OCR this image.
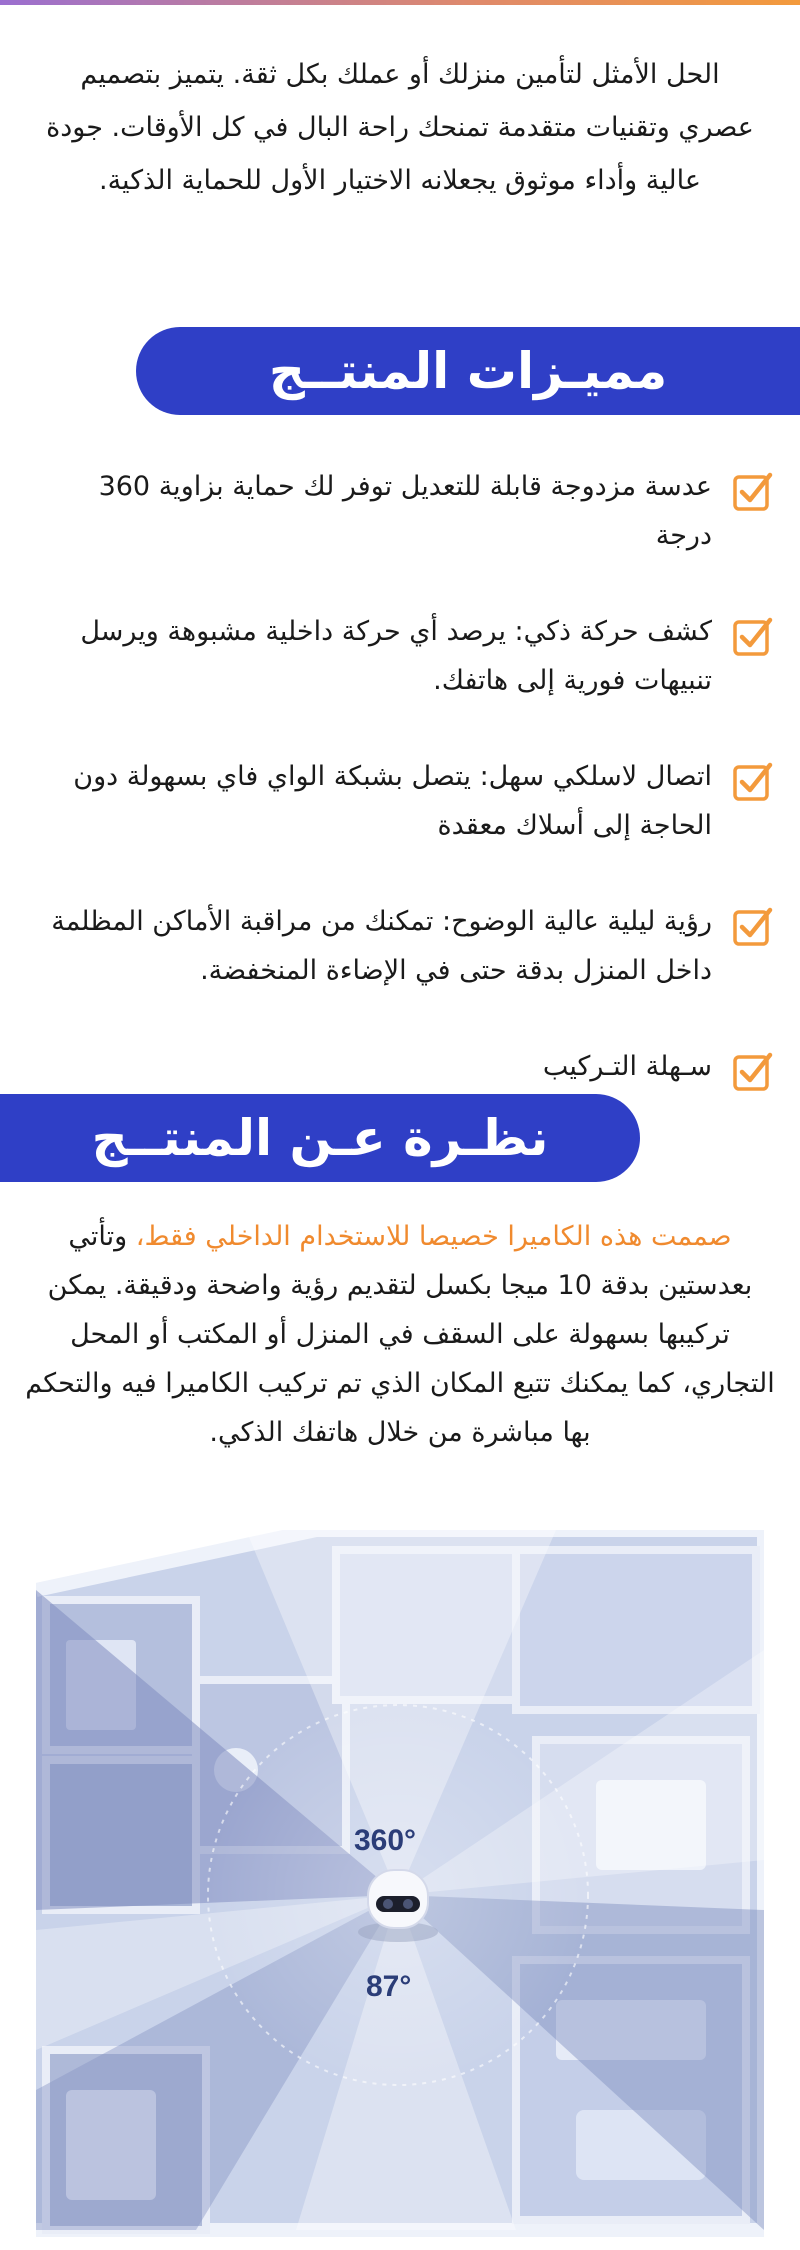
الحل الأمثل لتأمين منزلك أو عملك بكل ثقة. يتميز بتصميم عصري وتقنيات متقدمة تمنحك راحة البال في كل الأوقات. جودة عالية وأداء موثوق يجعلانه الاختيار الأول للحماية الذكية.

مميـزات المنتــج
عدسة مزدوجة قابلة للتعديل توفر لك حماية بزاوية 360 درجة
كشف حركة ذكي: يرصد أي حركة داخلية مشبوهة ويرسل تنبيهات فورية إلى هاتفك.
اتصال لاسلكي سهل: يتصل بشبكة الواي فاي بسهولة دون الحاجة إلى أسلاك معقدة
رؤية ليلية عالية الوضوح: تمكنك من مراقبة الأماكن المظلمة داخل المنزل بدقة حتى في الإضاءة المنخفضة.
سـهلة التـركيب
نظـرة عـن المنتــج

صممت هذه الكاميرا خصيصا للاستخدام الداخلي فقط، وتأتي بعدستين بدقة 10 ميجا بكسل لتقديم رؤية واضحة ودقيقة. يمكن تركيبها بسهولة على السقف في المنزل أو المكتب أو المحل التجاري، كما يمكنك تتبع المكان الذي تم تركيب الكاميرا فيه والتحكم بها مباشرة من خلال هاتفك الذكي.

360°
87°
